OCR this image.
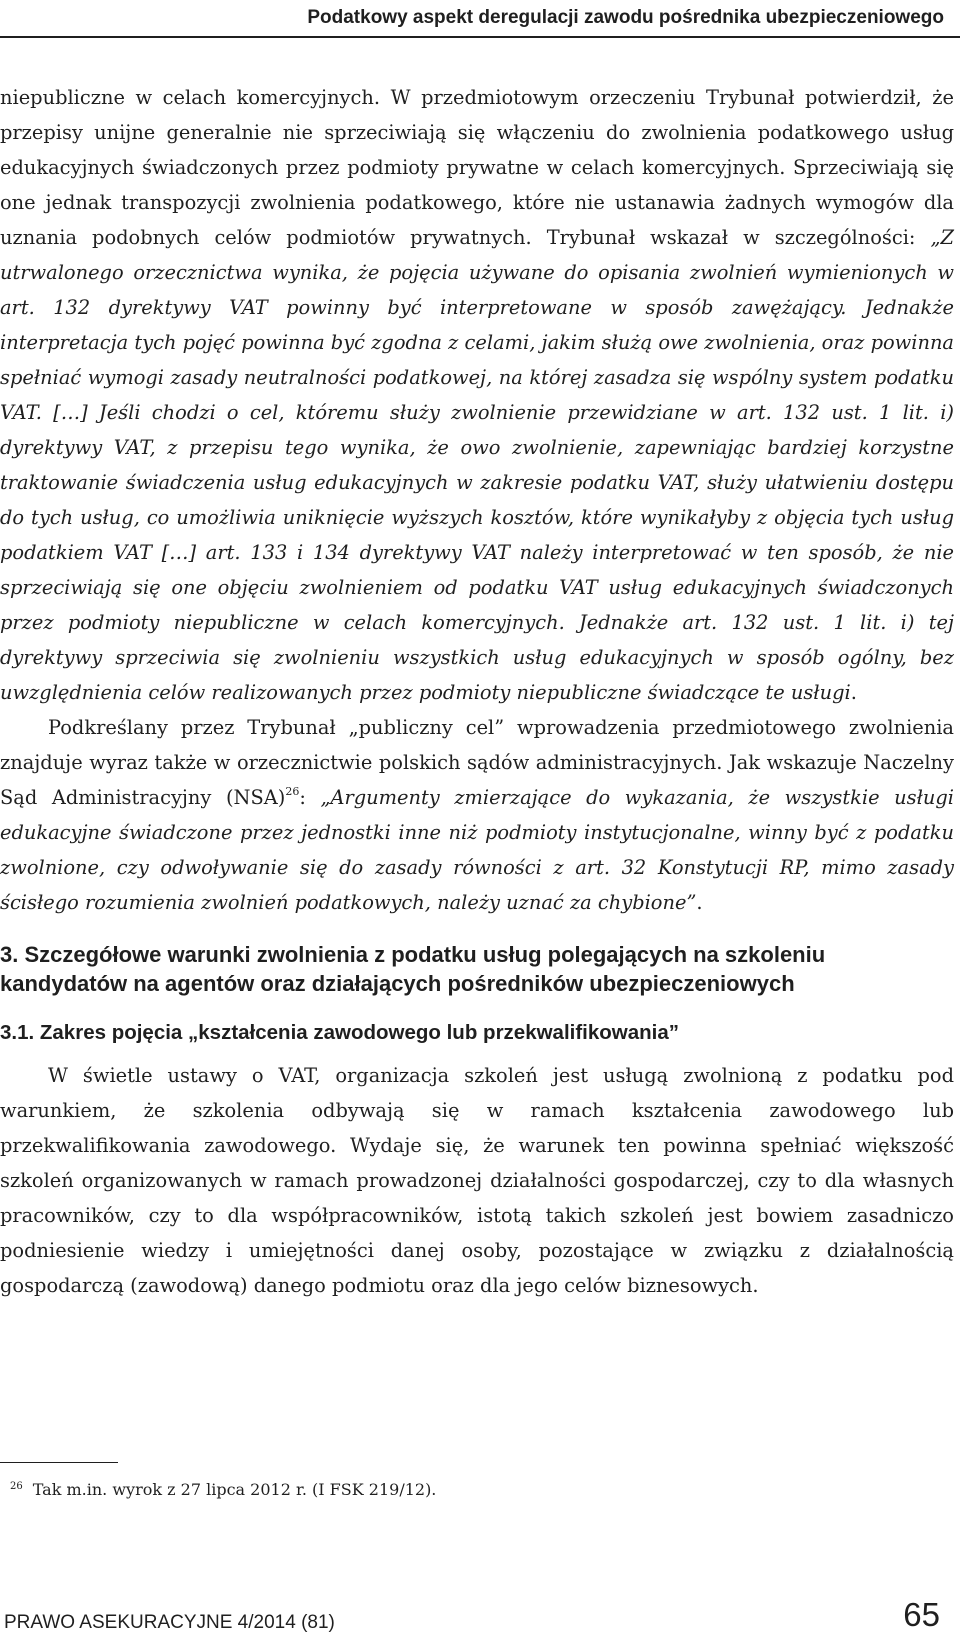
Podatkowy aspekt deregulacji zawodu pośrednika ubezpieczeniowego

niepubliczne w celach komercyjnych. W przedmiotowym orzeczeniu Trybunał potwierdził, że przepisy unijne generalnie nie sprzeciwiają się włączeniu do zwolnienia podatkowego usług edukacyjnych świadczonych przez podmioty prywatne w celach komercyjnych. Sprzeciwiają się one jednak transpozycji zwolnienia podatkowego, które nie ustanawia żadnych wymogów dla uznania podobnych celów podmiotów prywatnych. Trybunał wskazał w szczególności: „Z utrwalonego orzecznictwa wynika, że pojęcia używane do opisania zwolnień wymienionych w art. 132 dyrektywy VAT powinny być interpretowane w sposób zawężający. Jednakże interpretacja tych pojęć powinna być zgodna z celami, jakim służą owe zwolnienia, oraz powinna spełniać wymogi zasady neutralności podatkowej, na której zasadza się wspólny system podatku VAT. […] Jeśli chodzi o cel, któremu służy zwolnienie przewidziane w art. 132 ust. 1 lit. i) dyrektywy VAT, z przepisu tego wynika, że owo zwolnienie, zapewniając bardziej korzystne traktowanie świadczenia usług edukacyjnych w zakresie podatku VAT, służy ułatwieniu dostępu do tych usług, co umożliwia uniknięcie wyższych kosztów, które wynikałyby z objęcia tych usług podatkiem VAT […] art. 133 i 134 dyrektywy VAT należy interpretować w ten sposób, że nie sprzeciwiają się one objęciu zwolnieniem od podatku VAT usług edukacyjnych świadczonych przez podmioty niepubliczne w celach komercyjnych. Jednakże art. 132 ust. 1 lit. i) tej dyrektywy sprzeciwia się zwolnieniu wszystkich usług edukacyjnych w sposób ogólny, bez uwzględnienia celów realizowanych przez podmioty niepubliczne świadczące te usługi.

Podkreślany przez Trybunał „publiczny cel” wprowadzenia przedmiotowego zwolnienia znajduje wyraz także w orzecznictwie polskich sądów administracyjnych. Jak wskazuje Naczelny Sąd Administracyjny (NSA)$^{26}$: „Argumenty zmierzające do wykazania, że wszystkie usługi edukacyjne świadczone przez jednostki inne niż podmioty instytucjonalne, winny być z podatku zwolnione, czy odwoływanie się do zasady równości z art. 32 Konstytucji RP, mimo zasady ścisłego rozumienia zwolnień podatkowych, należy uznać za chybione”.

3. Szczegółowe warunki zwolnienia z podatku usług polegających na szkoleniu kandydatów na agentów oraz działających pośredników ubezpieczeniowych
3.1. Zakres pojęcia „kształcenia zawodowego lub przekwalifikowania”

W świetle ustawy o VAT, organizacja szkoleń jest usługą zwolnioną z podatku pod warunkiem, że szkolenia odbywają się w ramach kształcenia zawodowego lub przekwalifikowania zawodowego. Wydaje się, że warunek ten powinna spełniać większość szkoleń organizowanych w ramach prowadzonej działalności gospodarczej, czy to dla własnych pracowników, czy to dla współpracowników, istotą takich szkoleń jest bowiem zasadniczo podniesienie wiedzy i umiejętności danej osoby, pozostające w związku z działalnością gospodarczą (zawodową) danego podmiotu oraz dla jego celów biznesowych.

$^{26}$ Tak m.in. wyrok z 27 lipca 2012 r. (I FSK 219/12).
PRAWO ASEKURACYJNE 4/2014 (81)	65
